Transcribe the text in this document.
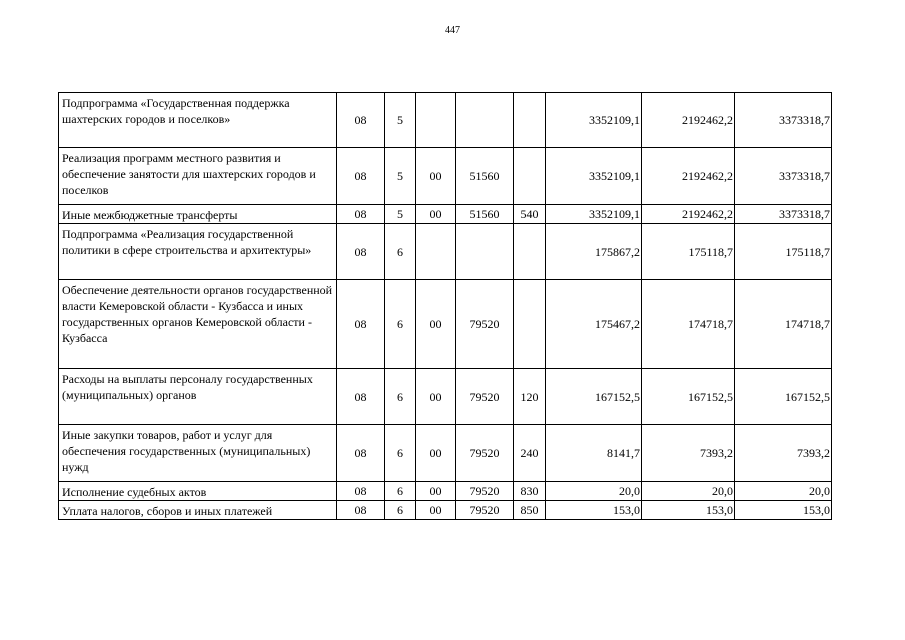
447
Подпрограмма «Государственная поддержка шахтерских городов и поселков»	08	5				3352109,1	2192462,2	3373318,7
Реализация программ местного развития и обеспечение занятости для шахтерских городов и поселков	08	5	00	51560		3352109,1	2192462,2	3373318,7
Иные межбюджетные трансферты	08	5	00	51560	540	3352109,1	2192462,2	3373318,7
Подпрограмма «Реализация государственной политики в сфере строительства и архитектуры»	08	6				175867,2	175118,7	175118,7
Обеспечение деятельности органов государственной власти Кемеровской области - Кузбасса и иных государственных органов Кемеровской области - Кузбасса	08	6	00	79520		175467,2	174718,7	174718,7
Расходы на выплаты персоналу государственных (муниципальных) органов	08	6	00	79520	120	167152,5	167152,5	167152,5
Иные закупки товаров, работ и услуг для обеспечения государственных (муниципальных) нужд	08	6	00	79520	240	8141,7	7393,2	7393,2
Исполнение судебных актов	08	6	00	79520	830	20,0	20,0	20,0
Уплата налогов, сборов и иных платежей	08	6	00	79520	850	153,0	153,0	153,0
